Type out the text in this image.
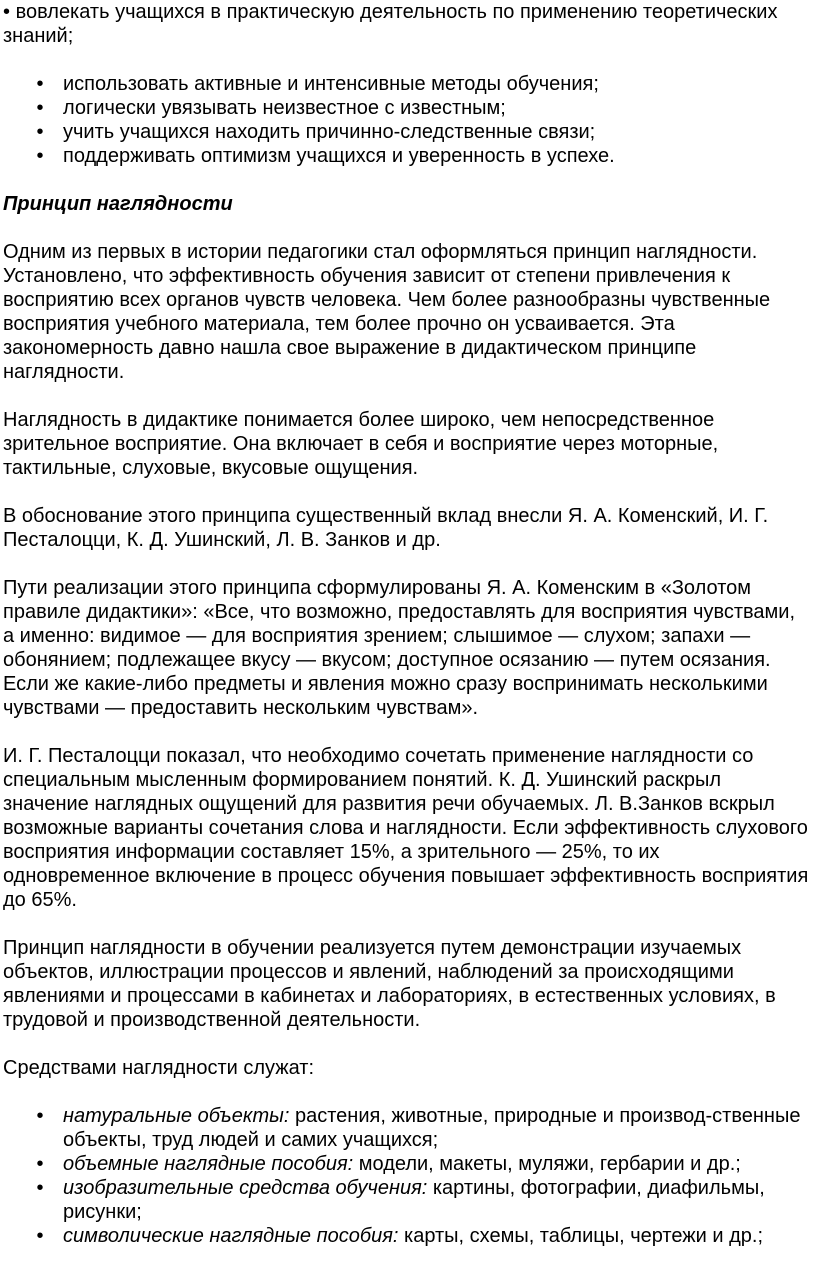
• вовлекать учащихся в практическую деятельность по применению теоретических знаний;

• использовать активные и интенсивные методы обучения;
• логически увязывать неизвестное с известным;
• учить учащихся находить причинно-следственные связи;
• поддерживать оптимизм учащихся и уверенность в успехе.
Принцип наглядности

Одним из первых в истории педагогики стал оформляться принцип наглядности. Установлено, что эффективность обучения зависит от степени привлечения к восприятию всех органов чувств человека. Чем более разнообразны чувственные восприятия учебного материала, тем более прочно он усваивается. Эта закономерность давно нашла свое выражение в дидактическом принципе наглядности.

Наглядность в дидактике понимается более широко, чем непосредственное зрительное восприятие. Она включает в себя и восприятие через моторные, тактильные, слуховые, вкусовые ощущения.

В обоснование этого принципа существенный вклад внесли Я. А. Коменский, И. Г. Песталоцци, К. Д. Ушинский, Л. В. Занков и др.

Пути реализации этого принципа сформулированы Я. А. Коменским в «Золотом правиле дидактики»: «Все, что возможно, предоставлять для восприятия чувствами, а именно: видимое — для восприятия зрением; слышимое — слухом; запахи — обонянием; подлежащее вкусу — вкусом; доступное осязанию — путем осязания. Если же какие-либо предметы и явления можно сразу воспринимать несколькими чувствами — предоставить нескольким чувствам».

И. Г. Песталоцци показал, что необходимо сочетать применение наглядности со специальным мысленным формированием понятий. К. Д. Ушинский раскрыл значение наглядных ощущений для развития речи обучаемых. Л. В.Занков вскрыл возможные варианты сочетания слова и наглядности. Если эффективность слухового восприятия информации составляет 15%, а зрительного — 25%, то их одновременное включение в процесс обучения повышает эффективность восприятия до 65%.

Принцип наглядности в обучении реализуется путем демонстрации изучаемых объектов, иллюстрации процессов и явлений, наблюдений за происходящими явлениями и процессами в кабинетах и лабораториях, в естественных условиях, в трудовой и производственной деятельности.

Средствами наглядности служат:

• натуральные объекты: растения, животные, природные и производ-ственные объекты, труд людей и самих учащихся;
• объемные наглядные пособия: модели, макеты, муляжи, гербарии и др.;
• изобразительные средства обучения: картины, фотографии, диафильмы, рисунки;
• символические наглядные пособия: карты, схемы, таблицы, чертежи и др.;
